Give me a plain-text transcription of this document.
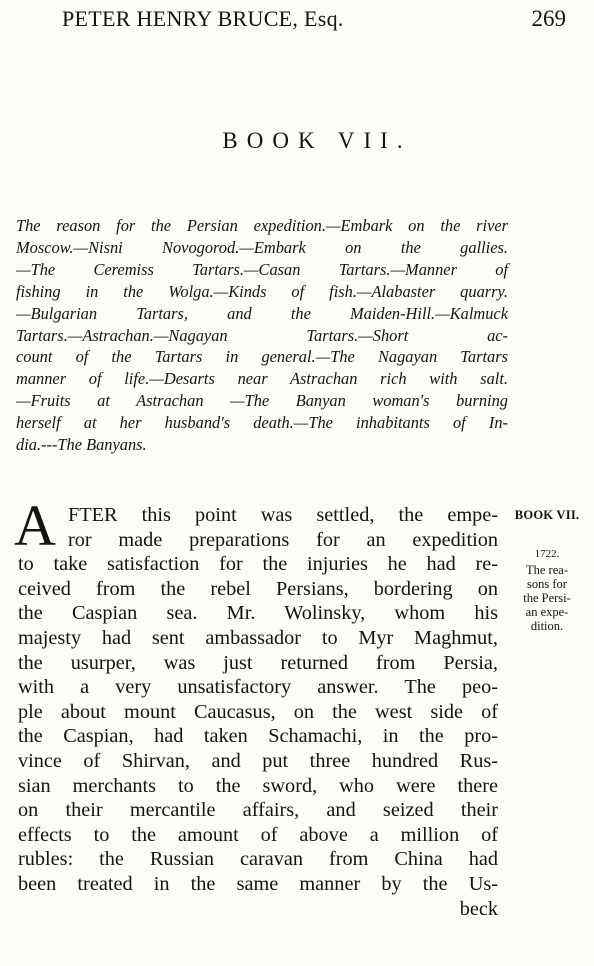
PETER HENRY BRUCE, Esq.	269
BOOK VII.
The reason for the Persian expedition.—Embark on the river
Moscow.—Nisni Novogorod.—Embark on the gallies.
—The Ceremiss Tartars.—Casan Tartars.—Manner of
fishing in the Wolga.—Kinds of fish.—Alabaster quarry.
—Bulgarian Tartars, and the Maiden-Hill.—Kalmuck
Tartars.—Astrachan.—Nagayan Tartars.—Short ac-
count of the Tartars in general.—The Nagayan Tartars
manner of life.—Desarts near Astrachan rich with salt.
—Fruits at Astrachan —The Banyan woman's burning
herself at her husband's death.—The inhabitants of In-
dia.---The Banyans.
A FTER this point was settled, the empe-
ror made preparations for an expedition
to take satisfaction for the injuries he had re-
ceived from the rebel Persians, bordering on
the Caspian sea. Mr. Wolinsky, whom his
majesty had sent ambassador to Myr Maghmut,
the usurper, was just returned from Persia,
with a very unsatisfactory answer. The peo-
ple about mount Caucasus, on the west side of
the Caspian, had taken Schamachi, in the pro-
vince of Shirvan, and put three hundred Rus-
sian merchants to the sword, who were there
on their mercantile affairs, and seized their
effects to the amount of above a million of
rubles: the Russian caravan from China had
been treated in the same manner by the Us-
beck
BOOK VII.
1722.
The rea-
sons for
the Persi-
an expe-
dition.
